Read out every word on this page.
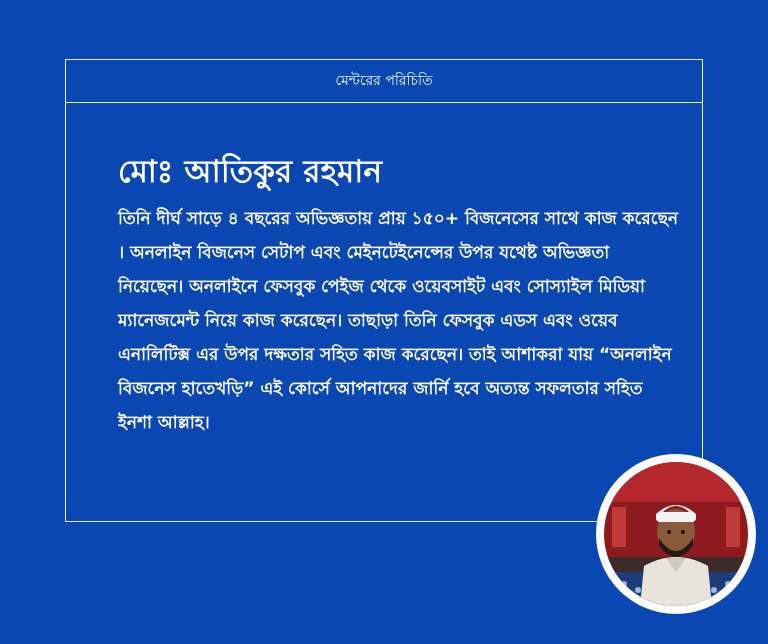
মেন্টরের পরিচিতি
মোঃ আতিকুর রহমান

তিনি দীর্ঘ সাড়ে ৪ বছরের অভিজ্ঞতায় প্রায় ১৫০+ বিজনেসের সাথে কাজ করেছেন । অনলাইন বিজনেস সেটাপ এবং মেইনটেইনেন্সের উপর যথেষ্ট অভিজ্ঞতা নিয়েছেন। অনলাইনে ফেসবুক পেইজ থেকে ওয়েবসাইট এবং সোস্যাইল মিডিয়া ম্যানেজমেন্ট নিয়ে কাজ করেছেন। তাছাড়া তিনি ফেসবুক এডস এবং ওয়েব এনালিটিক্স এর উপর দক্ষতার সহিত কাজ করেছেন। তাই আশাকরা যায় “অনলাইন বিজনেস হাতেখড়ি” এই কোর্সে আপনাদের জার্নি হবে অত্যন্ত সফলতার সহিত ইনশা আল্লাহ।
